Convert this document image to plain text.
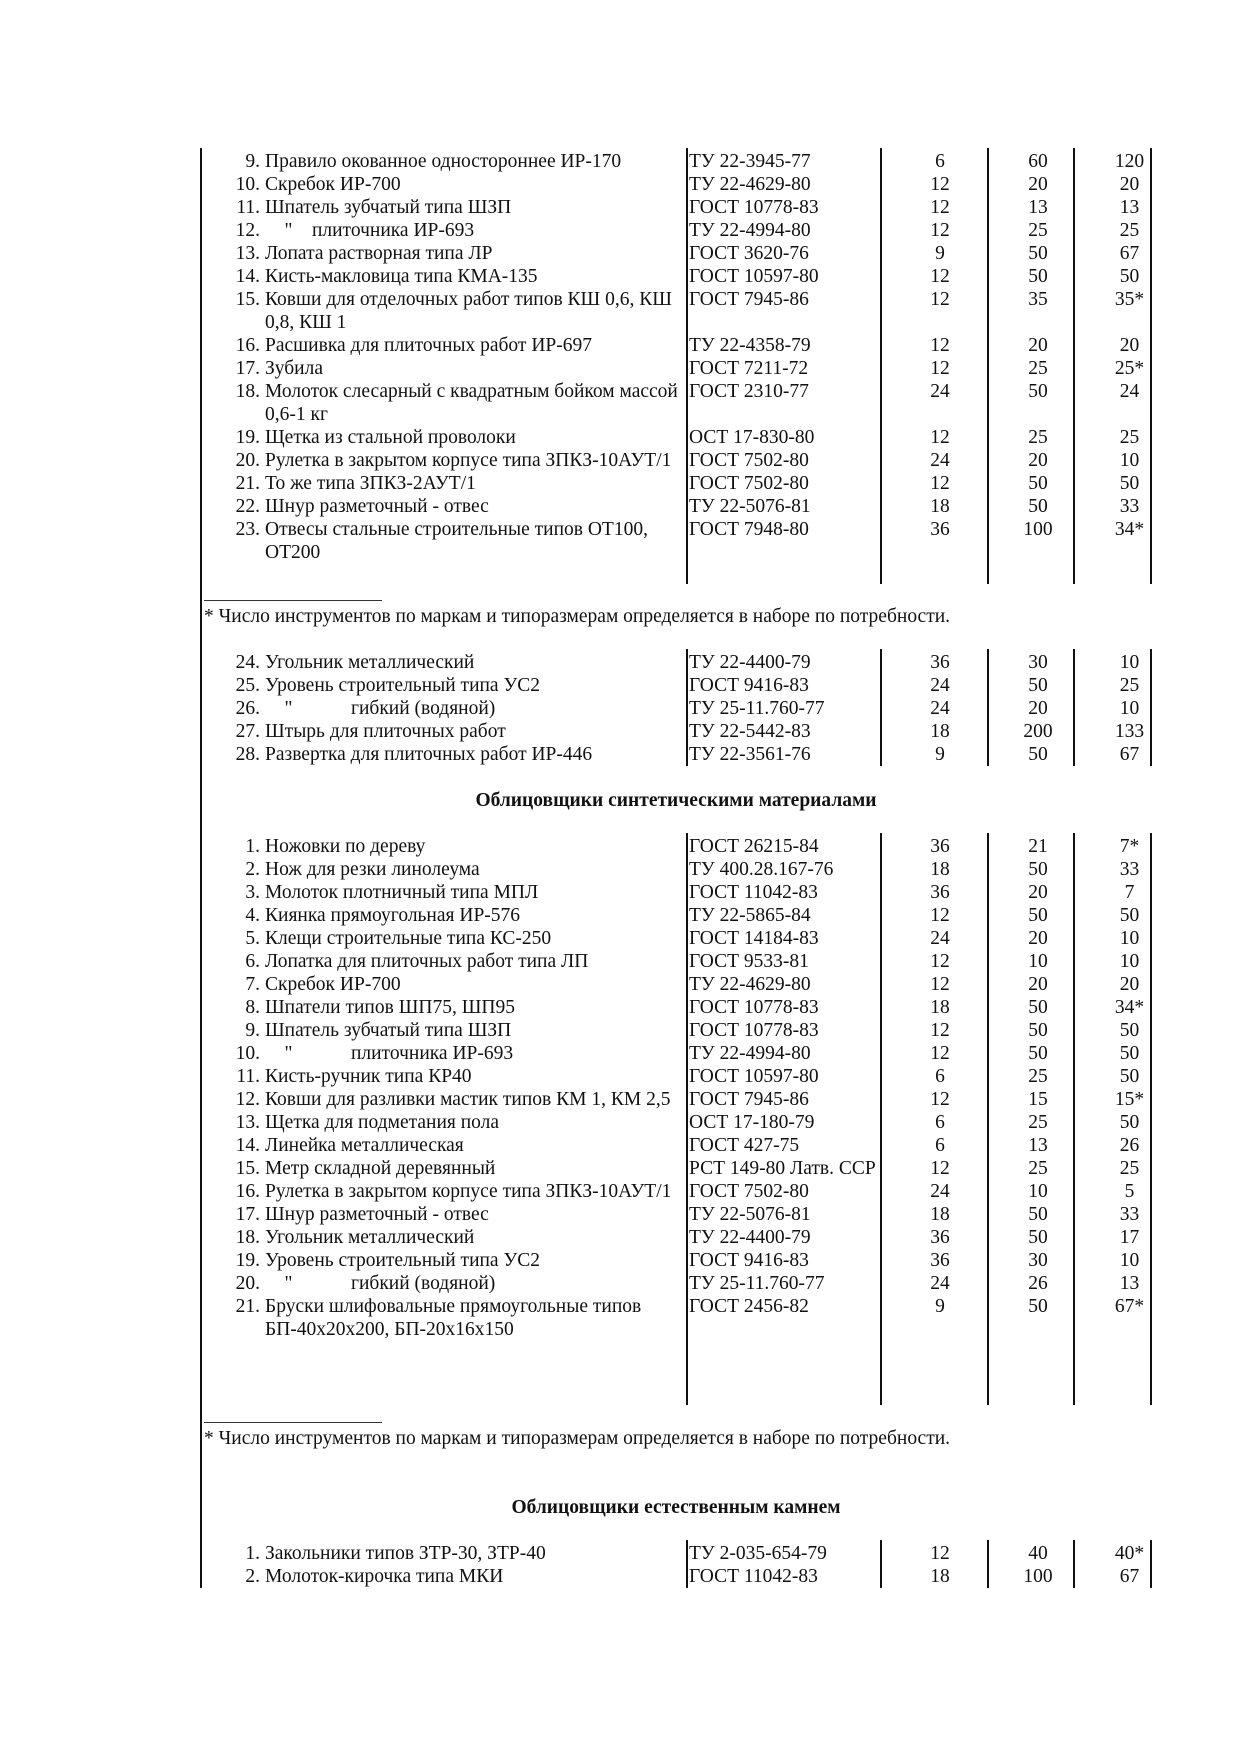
9. Правило окованное одностороннее ИР-170	ТУ 22-3945-77	6	60	120
10. Скребок ИР-700	ТУ 22-4629-80	12	20	20
11. Шпатель зубчатый типа ШЗП	ГОСТ 10778-83	12	13	13
12. "    плиточника ИР-693	ТУ 22-4994-80	12	25	25
13. Лопата растворная типа ЛР	ГОСТ 3620-76	9	50	67
14. Кисть-макловица типа КМА-135	ГОСТ 10597-80	12	50	50
15. Ковши для отделочных работ типов КШ 0,6, КШ 0,8, КШ 1
ГОСТ 7945-86	12	35	35*
16. Расшивка для плиточных работ ИР-697	ТУ 22-4358-79	12	20	20
17. Зубила	ГОСТ 7211-72	12	25	25*
18. Молоток слесарный с квадратным бойком массой 0,6-1 кг
ГОСТ 2310-77	24	50	24
19. Щетка из стальной проволоки	ОСТ 17-830-80	12	25	25
20. Рулетка в закрытом корпусе типа ЗПКЗ-10АУТ/1 ГОСТ 7502-80	24	20	10
21. То же типа ЗПКЗ-2АУТ/1	ГОСТ 7502-80	12	50	50
22. Шнур разметочный - отвес	ТУ 22-5076-81	18	50	33
23. Отвесы стальные строительные типов ОТ100, ОТ200
ГОСТ 7948-80	36	100	34*
* Число инструментов по маркам и типоразмерам определяется в наборе по потребности.
24. Угольник металлический	ТУ 22-4400-79	36	30	10
25. Уровень строительный типа УС2	ГОСТ 9416-83	24	50	25
26. "            гибкий (водяной)	ТУ 25-11.760-77	24	20	10
27. Штырь для плиточных работ	ТУ 22-5442-83	18	200	133
28. Развертка для плиточных работ ИР-446	ТУ 22-3561-76	9	50	67
Облицовщики синтетическими материалами
1. Ножовки по дереву	ГОСТ 26215-84	36	21	7*
2. Нож для резки линолеума	ТУ 400.28.167-76	18	50	33
3. Молоток плотничный типа МПЛ	ГОСТ 11042-83	36	20	7
4. Киянка прямоугольная ИР-576	ТУ 22-5865-84	12	50	50
5. Клещи строительные типа КС-250	ГОСТ 14184-83	24	20	10
6. Лопатка для плиточных работ типа ЛП	ГОСТ 9533-81	12	10	10
7. Скребок ИР-700	ТУ 22-4629-80	12	20	20
8. Шпатели типов ШП75, ШП95	ГОСТ 10778-83	18	50	34*
9. Шпатель зубчатый типа ШЗП	ГОСТ 10778-83	12	50	50
10. "            плиточника ИР-693	ТУ 22-4994-80	12	50	50
11. Кисть-ручник типа КР40	ГОСТ 10597-80	6	25	50
12. Ковши для разливки мастик типов КМ 1, КМ 2,5 ГОСТ 7945-86	12	15	15*
13. Щетка для подметания пола	ОСТ 17-180-79	6	25	50
14. Линейка металлическая	ГОСТ 427-75	6	13	26
15. Метр складной деревянный	РСТ 149-80 Латв. ССР	12	25	25
16. Рулетка в закрытом корпусе типа ЗПКЗ-10АУТ/1 ГОСТ 7502-80	24	10	5
17. Шнур разметочный - отвес	ТУ 22-5076-81	18	50	33
18. Угольник металлический	ТУ 22-4400-79	36	50	17
19. Уровень строительный типа УС2	ГОСТ 9416-83	36	30	10
20. "            гибкий (водяной)	ТУ 25-11.760-77	24	26	13
21. Бруски шлифовальные прямоугольные типов БП-40х20х200, БП-20х16х150
ГОСТ 2456-82	9	50	67*
* Число инструментов по маркам и типоразмерам определяется в наборе по потребности.
Облицовщики естественным камнем
1. Закольники типов ЗТР-30, ЗТР-40	ТУ 2-035-654-79	12	40	40*
2. Молоток-кирочка типа МКИ	ГОСТ 11042-83	18	100	67
